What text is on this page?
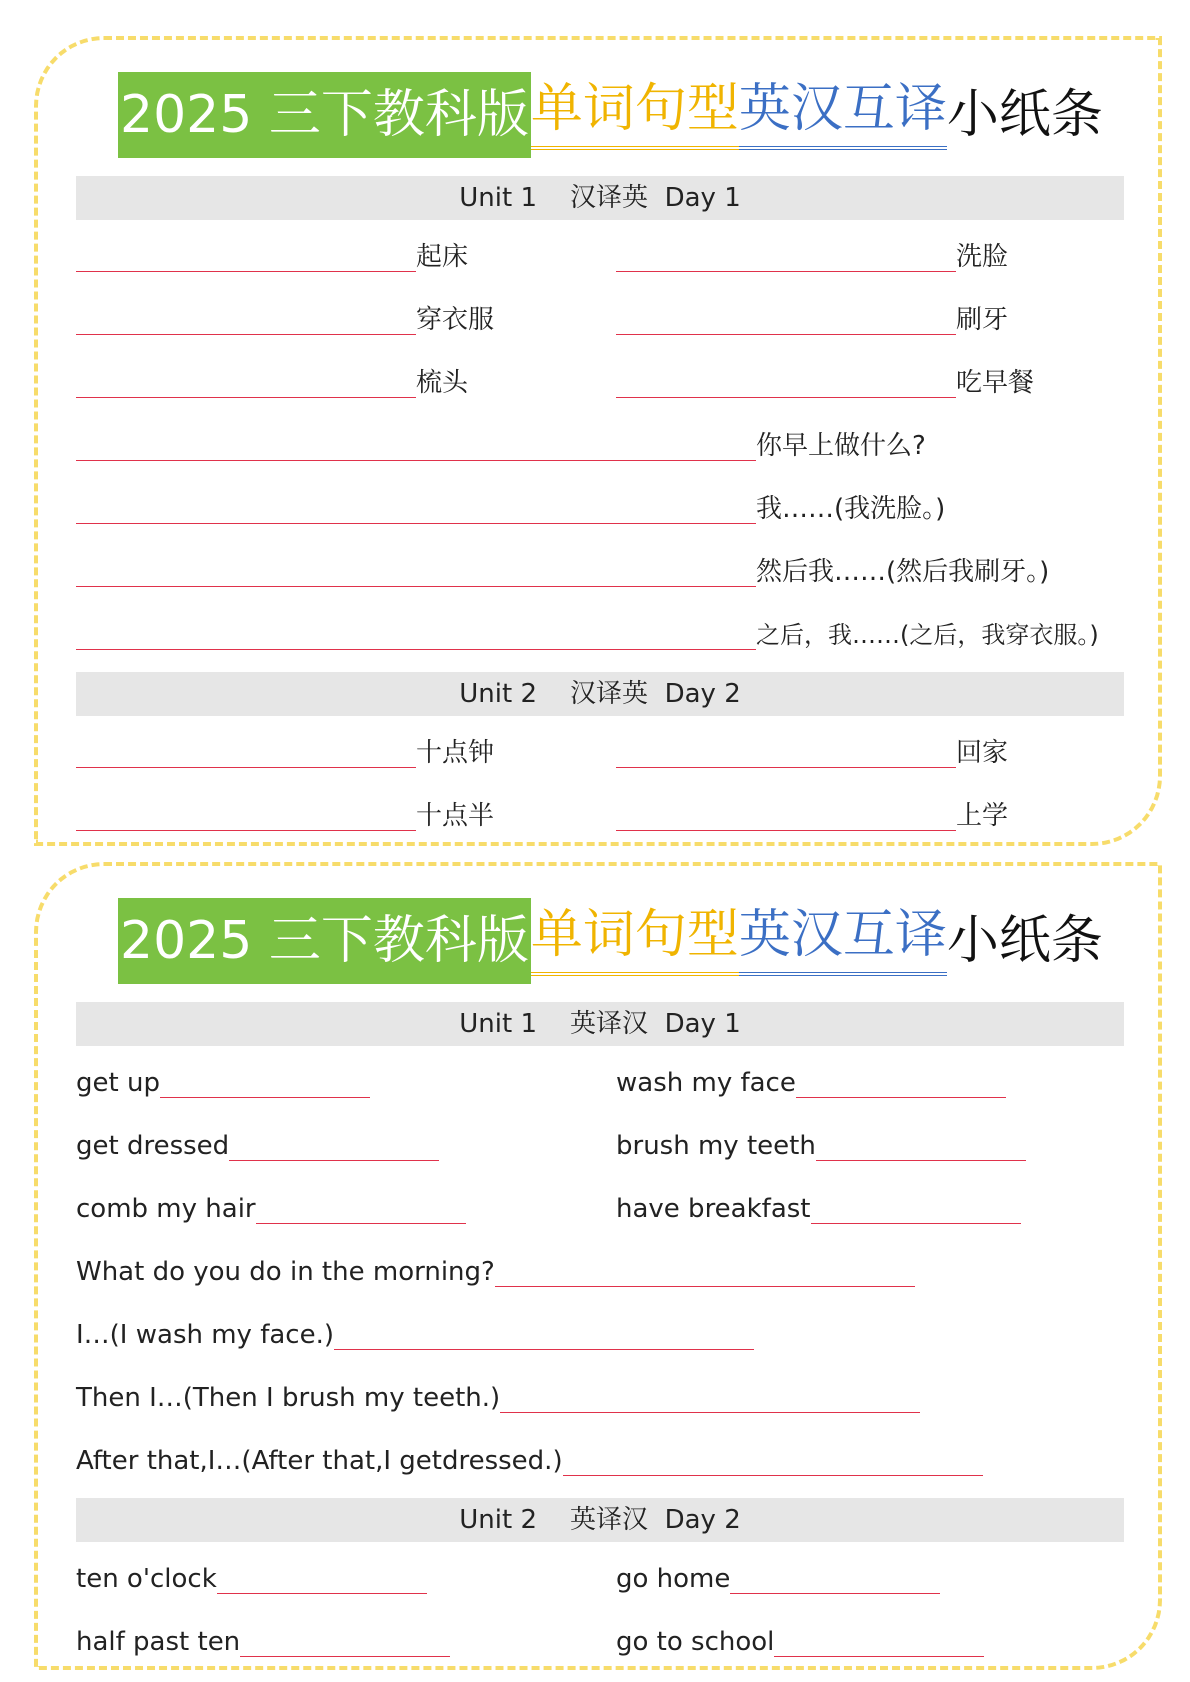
2025 三下教科版单词句型英汉互译小纸条
Unit 1 汉译英 Day 1
起床	洗脸
穿衣服	刷牙
梳头	吃早餐
你早上做什么?
我……(我洗脸。)
然后我……(然后我刷牙。)
之后，我……(之后，我穿衣服。)
Unit 2 汉译英 Day 2
十点钟	回家
十点半	上学
2025 三下教科版单词句型英汉互译小纸条
Unit 1 英译汉 Day 1
get up	wash my face
get dressed	brush my teeth
comb my hair	have breakfast
What do you do in the morning?
I…(I wash my face.)
Then I…(Then I brush my teeth.)
After that,I…(After that,I getdressed.)
Unit 2 英译汉 Day 2
ten o'clock	go home
half past ten	go to school
